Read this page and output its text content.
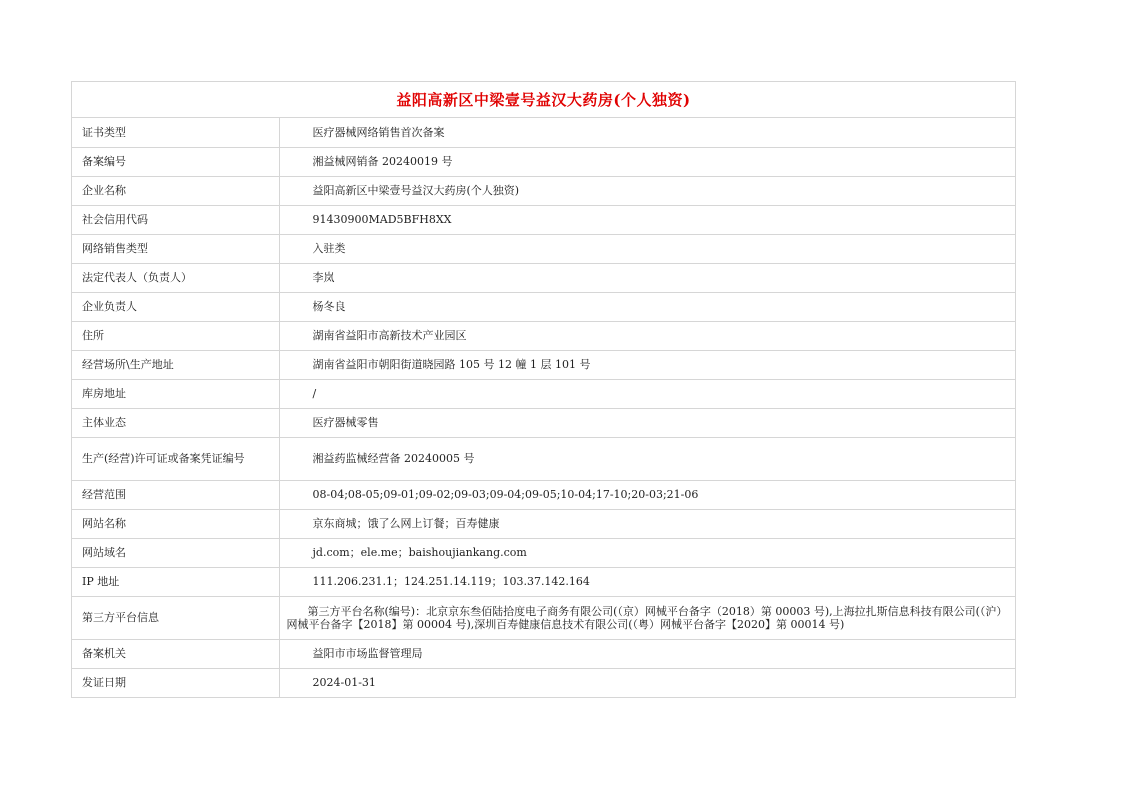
益阳高新区中梁壹号益汉大药房(个人独资)
证书类型	医疗器械网络销售首次备案
备案编号	湘益械网销备 20240019 号
企业名称	益阳高新区中梁壹号益汉大药房(个人独资)
社会信用代码	91430900MAD5BFH8XX
网络销售类型	入驻类
法定代表人（负责人）	李岚
企业负责人	杨冬良
住所	湖南省益阳市高新技术产业园区
经营场所\生产地址	湖南省益阳市朝阳街道晓园路 105 号 12 幢 1 层 101 号
库房地址	/
主体业态	医疗器械零售
生产(经营)许可证或备案凭证编号	湘益药监械经营备 20240005 号
经营范围	08-04;08-05;09-01;09-02;09-03;09-04;09-05;10-04;17-10;20-03;21-06
网站名称	京东商城；饿了么网上订餐；百寿健康
网站域名	jd.com；ele.me；baishoujiankang.com
IP 地址	111.206.231.1；124.251.14.119；103.37.142.164
第三方平台信息	第三方平台名称(编号)：北京京东叁佰陆拾度电子商务有限公司(（京）网械平台备字（2018）第 00003 号),上海拉扎斯信息科技有限公司(（沪）网械平台备字【2018】第 00004 号),深圳百寿健康信息技术有限公司(（粤）网械平台备字【2020】第 00014 号)
备案机关	益阳市市场监督管理局
发证日期	2024-01-31
